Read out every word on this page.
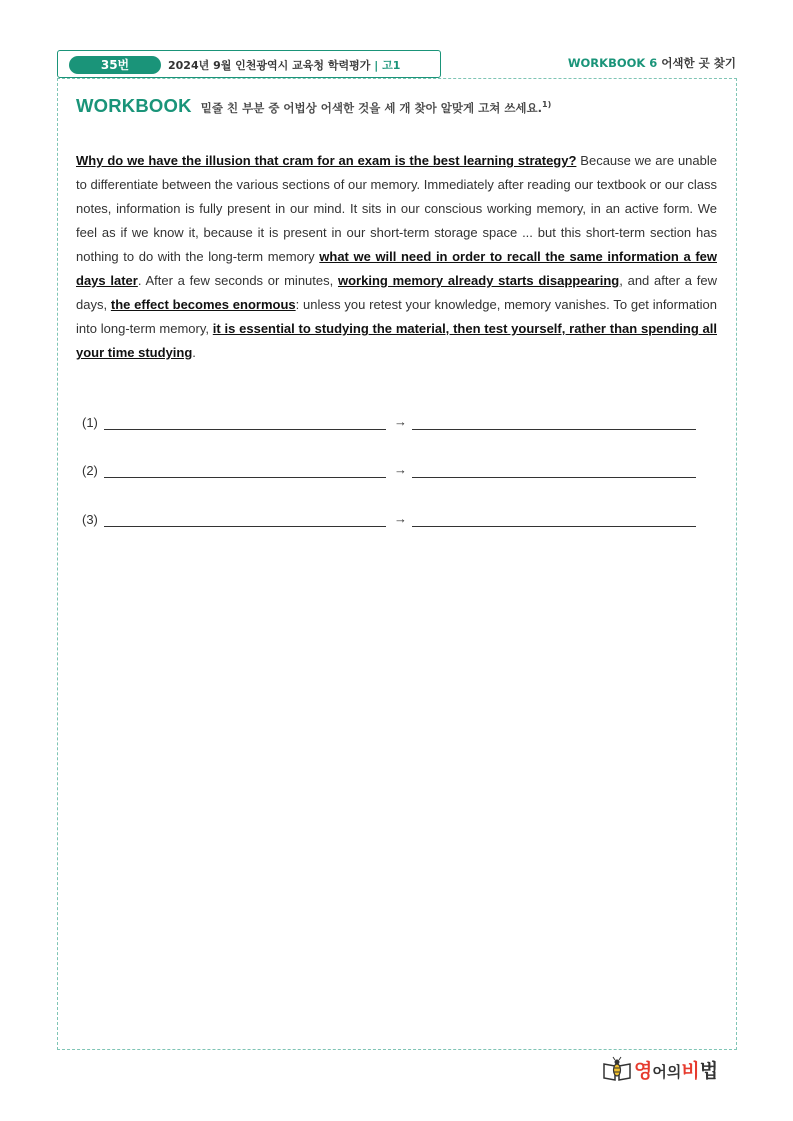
35번	2024년 9월 인천광역시 교육청 학력평가 | 고1	WORKBOOK 6 어색한 곳 찾기
WORKBOOK 밑줄 친 부분 중 어법상 어색한 것을 세 개 찾아 알맞게 고쳐 쓰세요.$^{1)}$
Why do we have the illusion that cram for an exam is the best learning strategy? Because we are unable to differentiate between the various sections of our memory. Immediately after reading our textbook or our class notes, information is fully present in our mind. It sits in our conscious working memory, in an active form. We feel as if we know it, because it is present in our short-term storage space ... but this short-term section has nothing to do with the long-term memory what we will need in order to recall the same information a few days later. After a few seconds or minutes, working memory already starts disappearing, and after a few days, the effect becomes enormous: unless you retest your knowledge, memory vanishes. To get information into long-term memory, it is essential to studying the material, then test yourself, rather than spending all your time studying.
(1)	→
(2)	→
(3)	→
영어의비법
